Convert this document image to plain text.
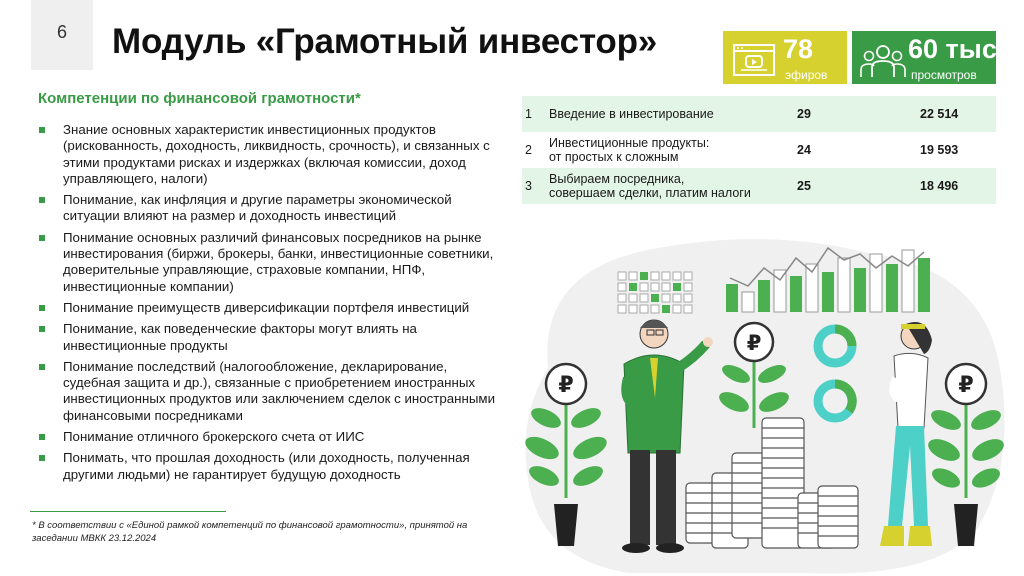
6	Модуль «Грамотный инвестор»	78
эфиров
60 тыс.
просмотров
Компетенции по финансовой грамотности*
Знание основных характеристик инвестиционных продуктов (рискованность, доходность, ликвидность, срочность), и связанных с этими продуктами рисках и издержках (включая комиссии, доход управляющего, налоги)
Понимание, как инфляция и другие параметры экономической ситуации влияют на размер и доходность инвестиций
Понимание основных различий финансовых посредников на рынке инвестирования (биржи, брокеры, банки, инвестиционные советники, доверительные управляющие, страховые компании, НПФ, инвестиционные компании)
Понимание преимуществ диверсификации портфеля инвестиций
Понимание, как поведенческие факторы могут влиять на инвестиционные продукты
Понимание последствий (налогообложение, декларирование, судебная защита и др.), связанные с приобретением иностранных инвестиционных продуктов или заключением сделок с иностранными финансовыми посредниками
Понимание отличного брокерского счета от ИИС
Понимать, что прошлая доходность (или доходность, полученная другими людьми) не гарантирует будущую доходность
* В соответствии с «Единой рамкой компетенций по финансовой грамотности», принятой на заседании МВКК 23.12.2024
1	Введение в инвестирование	29	22 514
2	Инвестиционные продукты:
от простых к сложным	24	19 593
3	Выбираем посредника,
совершаем сделки, платим налоги	25	18 496
₽	₽
₽
